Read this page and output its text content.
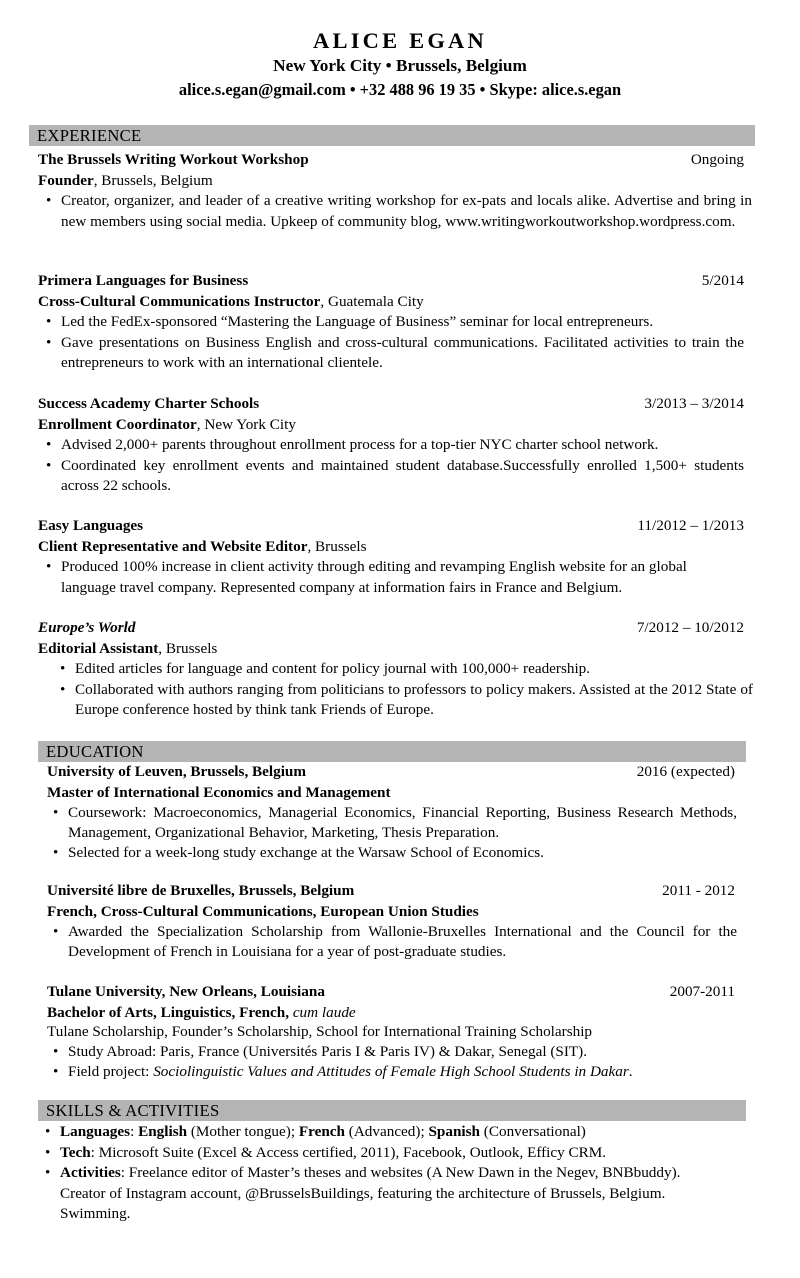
ALICE EGAN
New York City • Brussels, Belgium
alice.s.egan@gmail.com • +32 488 96 19 35 • Skype: alice.s.egan
EXPERIENCE
The Brussels Writing Workout Workshop	Ongoing
Founder, Brussels, Belgium
• Creator, organizer, and leader of a creative writing workshop for ex-pats and locals alike. Advertise and bring in new members using social media. Upkeep of community blog, www.writingworkoutworkshop.wordpress.com.
Primera Languages for Business	5/2014
Cross-Cultural Communications Instructor, Guatemala City
• Led the FedEx-sponsored “Mastering the Language of Business” seminar for local entrepreneurs.
• Gave presentations on Business English and cross-cultural communications. Facilitated activities to train the entrepreneurs to work with an international clientele.
Success Academy Charter Schools	3/2013 – 3/2014
Enrollment Coordinator, New York City
• Advised 2,000+ parents throughout enrollment process for a top-tier NYC charter school network.
• Coordinated key enrollment events and maintained student database.Successfully enrolled 1,500+ students across 22 schools.
Easy Languages	11/2012 – 1/2013
Client Representative and Website Editor, Brussels
• Produced 100% increase in client activity through editing and revamping English website for an global language travel company. Represented company at information fairs in France and Belgium.
Europe’s World	7/2012 – 10/2012
Editorial Assistant, Brussels
• Edited articles for language and content for policy journal with 100,000+ readership.
• Collaborated with authors ranging from politicians to professors to policy makers. Assisted at the 2012 State of Europe conference hosted by think tank Friends of Europe.
EDUCATION
University of Leuven, Brussels, Belgium	2016 (expected)
Master of International Economics and Management
• Coursework: Macroeconomics, Managerial Economics, Financial Reporting, Business Research Methods, Management, Organizational Behavior, Marketing, Thesis Preparation.
• Selected for a week-long study exchange at the Warsaw School of Economics.
Université libre de Bruxelles, Brussels, Belgium	2011 - 2012
French, Cross-Cultural Communications, European Union Studies
• Awarded the Specialization Scholarship from Wallonie-Bruxelles International and the Council for the Development of French in Louisiana for a year of post-graduate studies.
Tulane University, New Orleans, Louisiana	2007-2011
Bachelor of Arts, Linguistics, French, cum laude
Tulane Scholarship, Founder’s Scholarship, School for International Training Scholarship
• Study Abroad: Paris, France (Universités Paris I & Paris IV) & Dakar, Senegal (SIT).
• Field project: Sociolinguistic Values and Attitudes of Female High School Students in Dakar.
SKILLS & ACTIVITIES
• Languages: English (Mother tongue); French (Advanced); Spanish (Conversational)
• Tech: Microsoft Suite (Excel & Access certified, 2011), Facebook, Outlook, Efficy CRM.
• Activities: Freelance editor of Master’s theses and websites (A New Dawn in the Negev, BNBbuddy). Creator of Instagram account, @BrusselsBuildings, featuring the architecture of Brussels, Belgium. Swimming.
